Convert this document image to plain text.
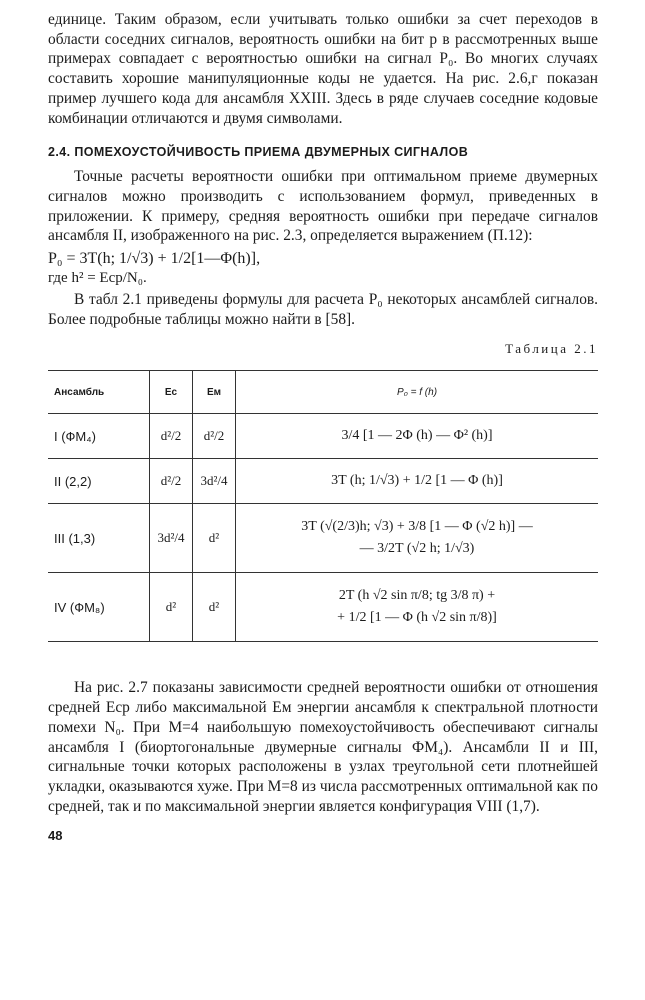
единице. Таким образом, если учитывать только ошибки за счет переходов в области соседних сигналов, вероятность ошибки на бит p в рассмотренных выше примерах совпадает с вероятностью ошибки на сигнал P₀. Во многих случаях составить хорошие манипуляционные коды не удается. На рис. 2.6,г показан пример лучшего кода для ансамбля XXIII. Здесь в ряде случаев соседние кодовые комбинации отличаются и двумя символами.

2.4. ПОМЕХОУСТОЙЧИВОСТЬ ПРИЕМА ДВУМЕРНЫХ СИГНАЛОВ

Точные расчеты вероятности ошибки при оптимальном приеме двумерных сигналов можно производить с использованием формул, приведенных в приложении. К примеру, средняя вероятность ошибки при передаче сигналов ансамбля II, изображенного на рис. 2.3, определяется выражением (П.12):

P₀ = 3T(h; 1/√3) + 1/2[1—Φ(h)],

где h² = Eср/N₀.

В табл 2.1 приведены формулы для расчета P₀ некоторых ансамблей сигналов. Более подробные таблицы можно найти в [58].

Таблица 2.1
Ансамбль	Eс	Eм	P₀ = f (h)
I (ФМ₄)	d²/2	d²/2	3/4 [1 — 2Φ (h) — Φ² (h)]

II (2,2)	d²/2	3d²/4	3T (h; 1/√3) + 1/2 [1 — Φ (h)]

III (1,3)	3d²/4	d²	3T (√(2/3)h; √3) + 3/8 [1 — Φ (√2 h)] —
— 3/2T (√2 h; 1/√3)

IV (ФМ₈)	d²	d²	2T (h √2 sin π/8; tg 3/8 π) +
+ 1/2 [1 — Φ (h √2 sin π/8)]

На рис. 2.7 показаны зависимости средней вероятности ошибки от отношения средней Eср либо максимальной Eм энергии ансамбля к спектральной плотности помехи N₀. При M=4 наибольшую помехоустойчивость обеспечивают сигналы ансамбля I (биортогональные двумерные сигналы ФМ₄). Ансамбли II и III, сигнальные точки которых расположены в узлах треугольной сети плотнейшей укладки, оказываются хуже. При M=8 из числа рассмотренных оптимальной как по средней, так и по максимальной энергии является конфигурация VIII (1,7).

48
